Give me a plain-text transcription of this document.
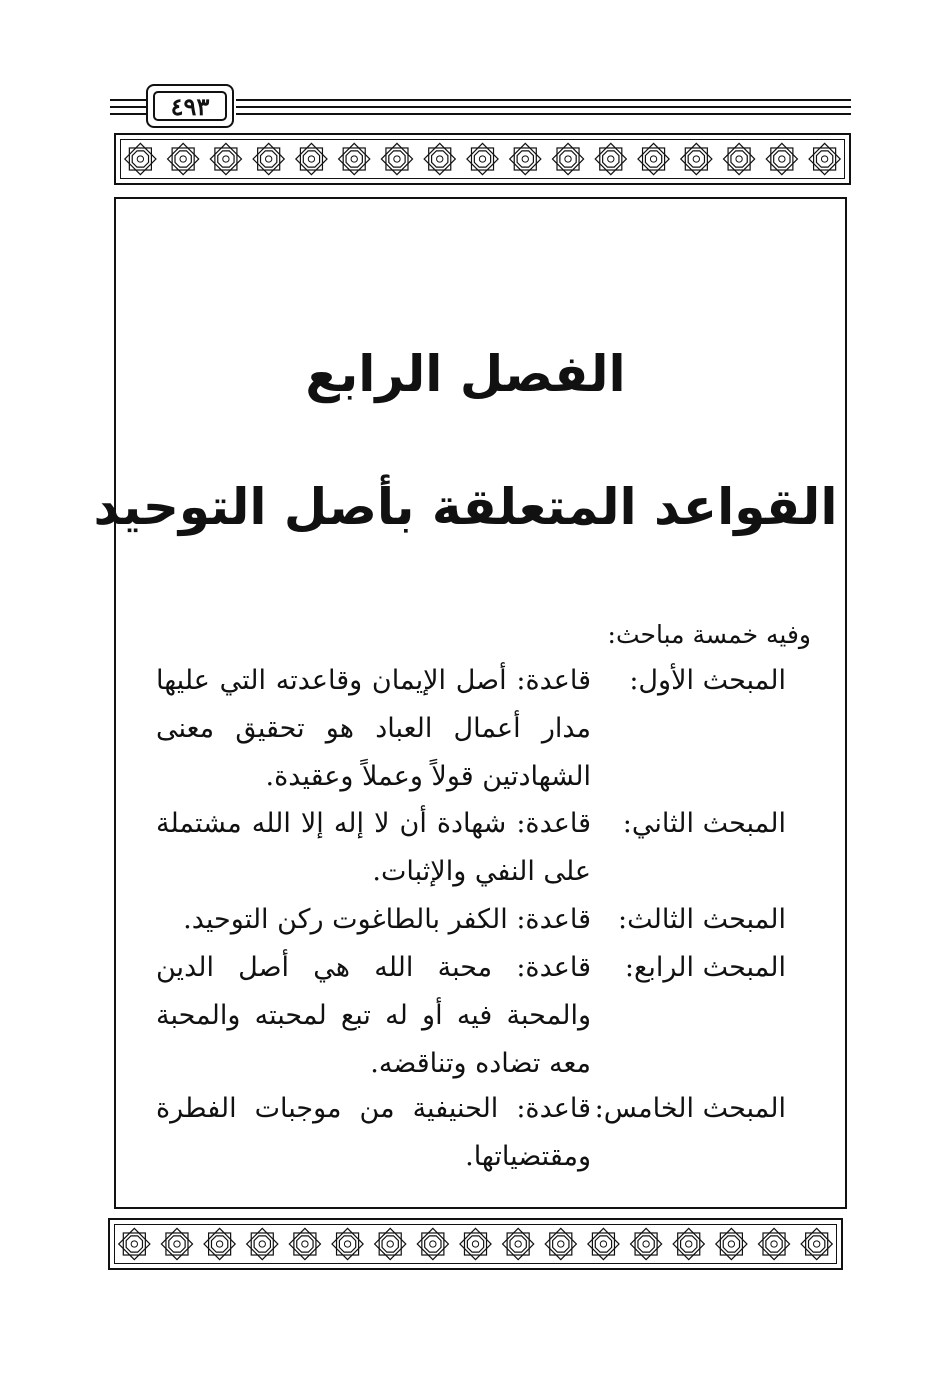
٤٩٣
الفصل الرابع
القواعد المتعلقة بأصل التوحيد
وفيه خمسة مباحث:
المبحث الأول:
قاعدة: أصل الإيمان وقاعدته التي عليها مدار أعمال العباد هو تحقيق معنى الشهادتين قولاً وعملاً وعقيدة.
المبحث الثاني:
قاعدة: شهادة أن لا إله إلا الله مشتملة على النفي والإثبات.
المبحث الثالث:
قاعدة: الكفر بالطاغوت ركن التوحيد.
المبحث الرابع:
قاعدة: محبة الله هي أصل الدين والمحبة فيه أو له تبع لمحبته والمحبة معه تضاده وتناقضه.
المبحث الخامس:
قاعدة: الحنيفية من موجبات الفطرة ومقتضياتها.
